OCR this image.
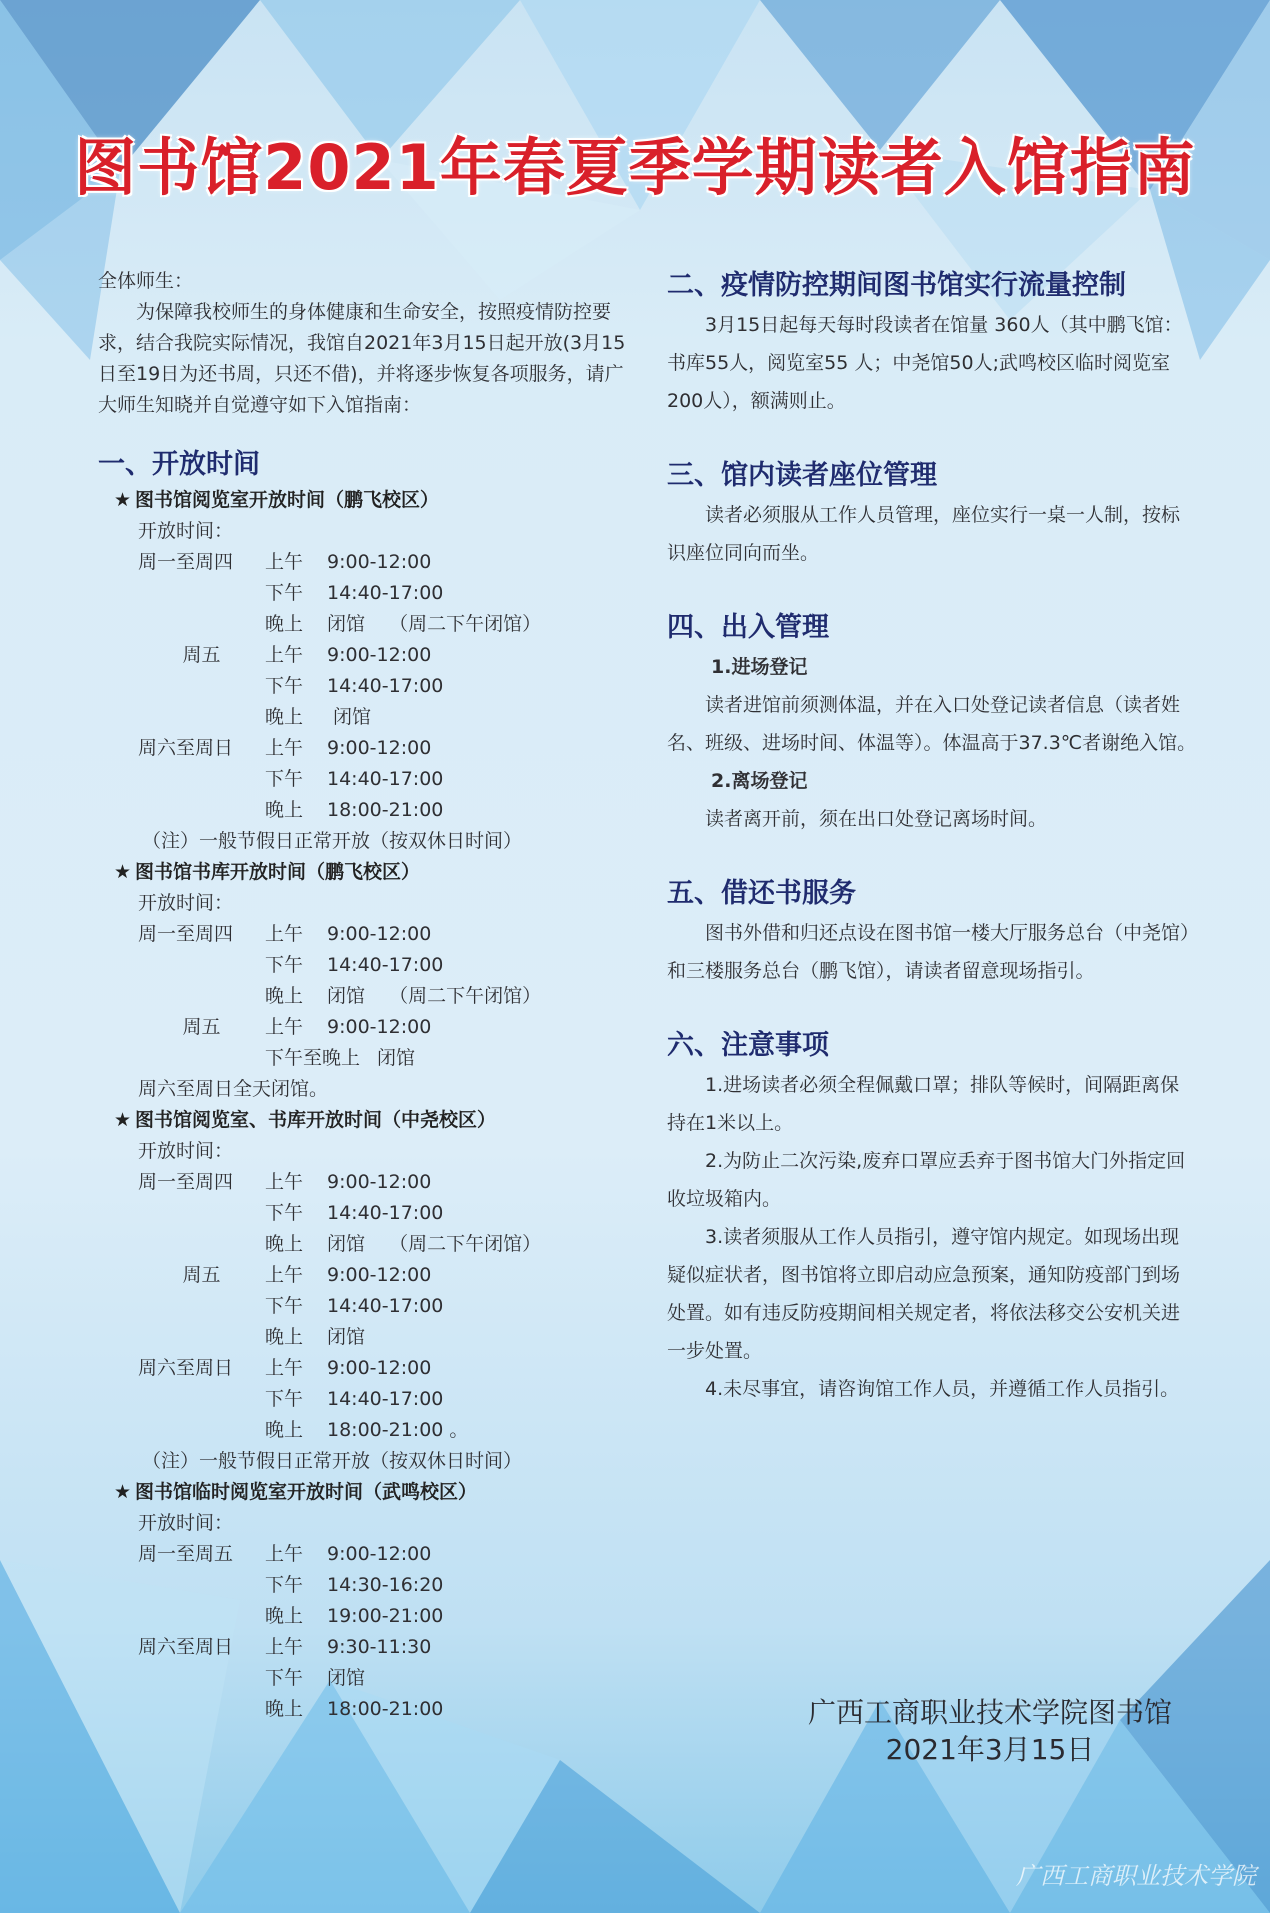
图书馆2021年春夏季学期读者入馆指南

全体师生：

为保障我校师生的身体健康和生命安全，按照疫情防控要求，结合我院实际情况，我馆自2021年3月15日起开放(3月15日至19日为还书周，只还不借)，并将逐步恢复各项服务，请广大师生知晓并自觉遵守如下入馆指南：

一、开放时间

★ 图书馆阅览室开放时间（鹏飞校区）

开放时间：

周一至周四	上午	9:00-12:00
下午	14:40-17:00
晚上	闭馆    （周二下午闭馆）
周五	上午	9:00-12:00
下午	14:40-17:00
晚上	闭馆
周六至周日	上午	9:00-12:00
下午	14:40-17:00
晚上	18:00-21:00

（注）一般节假日正常开放（按双休日时间）

★ 图书馆书库开放时间（鹏飞校区）

开放时间：

周一至周四	上午	9:00-12:00
下午	14:40-17:00
晚上	闭馆    （周二下午闭馆）
周五	上午	9:00-12:00
下午至晚上 闭馆

周六至周日全天闭馆。

★ 图书馆阅览室、书库开放时间（中尧校区）

开放时间：

周一至周四	上午	9:00-12:00
下午	14:40-17:00
晚上	闭馆    （周二下午闭馆）
周五	上午	9:00-12:00
下午	14:40-17:00
晚上	闭馆
周六至周日	上午	9:00-12:00
下午	14:40-17:00
晚上	18:00-21:00 。

（注）一般节假日正常开放（按双休日时间）

★ 图书馆临时阅览室开放时间（武鸣校区）

开放时间：

周一至周五	上午	9:00-12:00
下午	14:30-16:20
晚上	19:00-21:00
周六至周日	上午	9:30-11:30
下午	闭馆
晚上	18:00-21:00

二、疫情防控期间图书馆实行流量控制

3月15日起每天每时段读者在馆量 360人（其中鹏飞馆：书库55人，阅览室55 人；中尧馆50人;武鸣校区临时阅览室200人），额满则止。

三、馆内读者座位管理

读者必须服从工作人员管理，座位实行一桌一人制，按标识座位同向而坐。

四、出入管理

1.进场登记

读者进馆前须测体温，并在入口处登记读者信息（读者姓名、班级、进场时间、体温等）。体温高于37.3℃者谢绝入馆。

2.离场登记

读者离开前，须在出口处登记离场时间。

五、借还书服务

图书外借和归还点设在图书馆一楼大厅服务总台（中尧馆）和三楼服务总台（鹏飞馆），请读者留意现场指引。

六、注意事项

1.进场读者必须全程佩戴口罩；排队等候时，间隔距离保持在1米以上。

2.为防止二次污染,废弃口罩应丢弃于图书馆大门外指定回收垃圾箱内。

3.读者须服从工作人员指引，遵守馆内规定。如现场出现疑似症状者，图书馆将立即启动应急预案，通知防疫部门到场处置。如有违反防疫期间相关规定者，将依法移交公安机关进一步处置。

4.未尽事宜，请咨询馆工作人员，并遵循工作人员指引。

广西工商职业技术学院图书馆
2021年3月15日
广西工商职业技术学院
